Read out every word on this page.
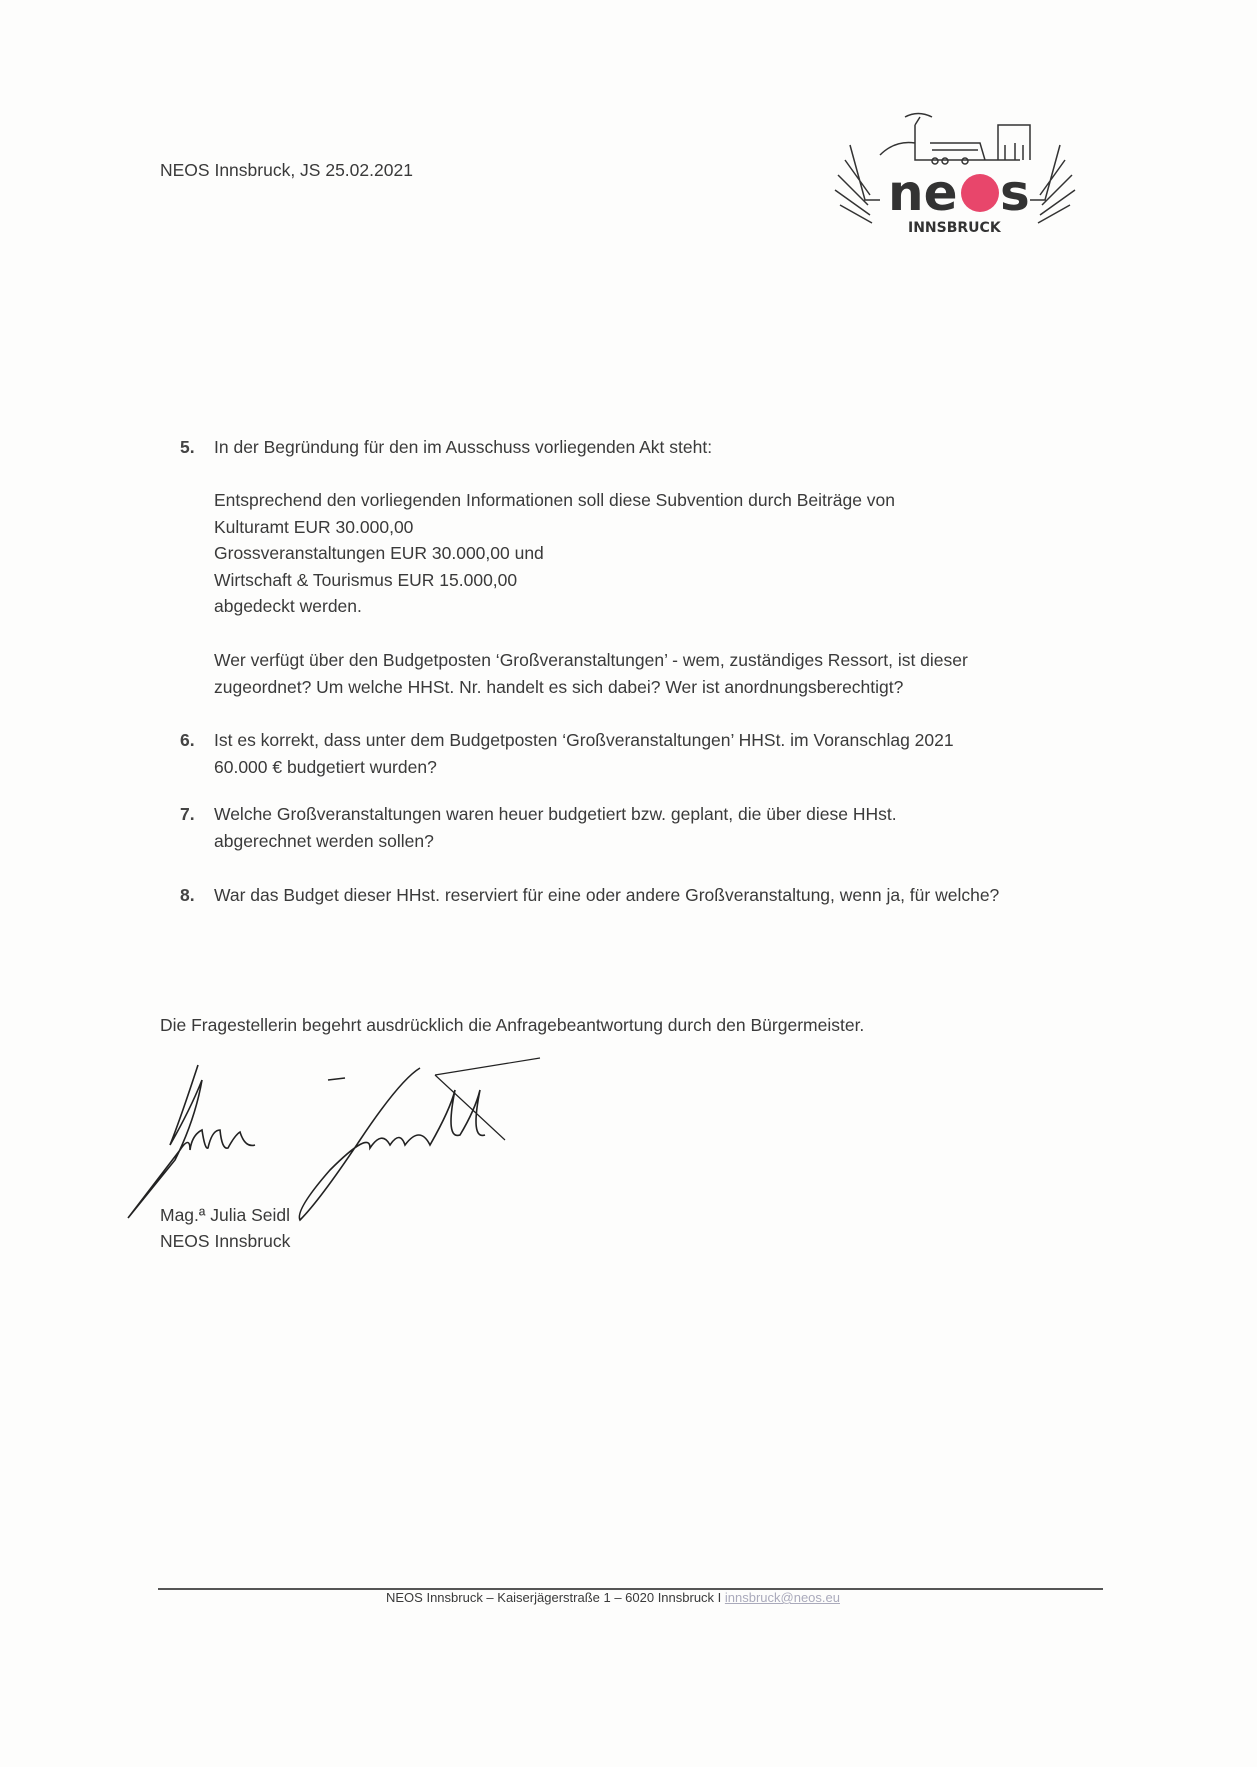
NEOS Innsbruck, JS 25.02.2021	ne s
INNSBRUCK
5. In der Begründung für den im Ausschuss vorliegenden Akt steht:
Entsprechend den vorliegenden Informationen soll diese Subvention durch Beiträge von
Kulturamt EUR 30.000,00
Grossveranstaltungen EUR 30.000,00 und
Wirtschaft & Tourismus EUR 15.000,00
abgedeckt werden.
Wer verfügt über den Budgetposten ‘Großveranstaltungen’ - wem, zuständiges Ressort, ist dieser
zugeordnet? Um welche HHSt. Nr. handelt es sich dabei? Wer ist anordnungsberechtigt?
6. Ist es korrekt, dass unter dem Budgetposten ‘Großveranstaltungen’ HHSt. im Voranschlag 2021
60.000 € budgetiert wurden?
7. Welche Großveranstaltungen waren heuer budgetiert bzw. geplant, die über diese HHst.
abgerechnet werden sollen?
8. War das Budget dieser HHst. reserviert für eine oder andere Großveranstaltung, wenn ja, für welche?
Die Fragestellerin begehrt ausdrücklich die Anfragebeantwortung durch den Bürgermeister.
Mag.ª Julia Seidl
NEOS Innsbruck
NEOS Innsbruck – Kaiserjägerstraße 1 – 6020 Innsbruck I innsbruck@neos.eu
